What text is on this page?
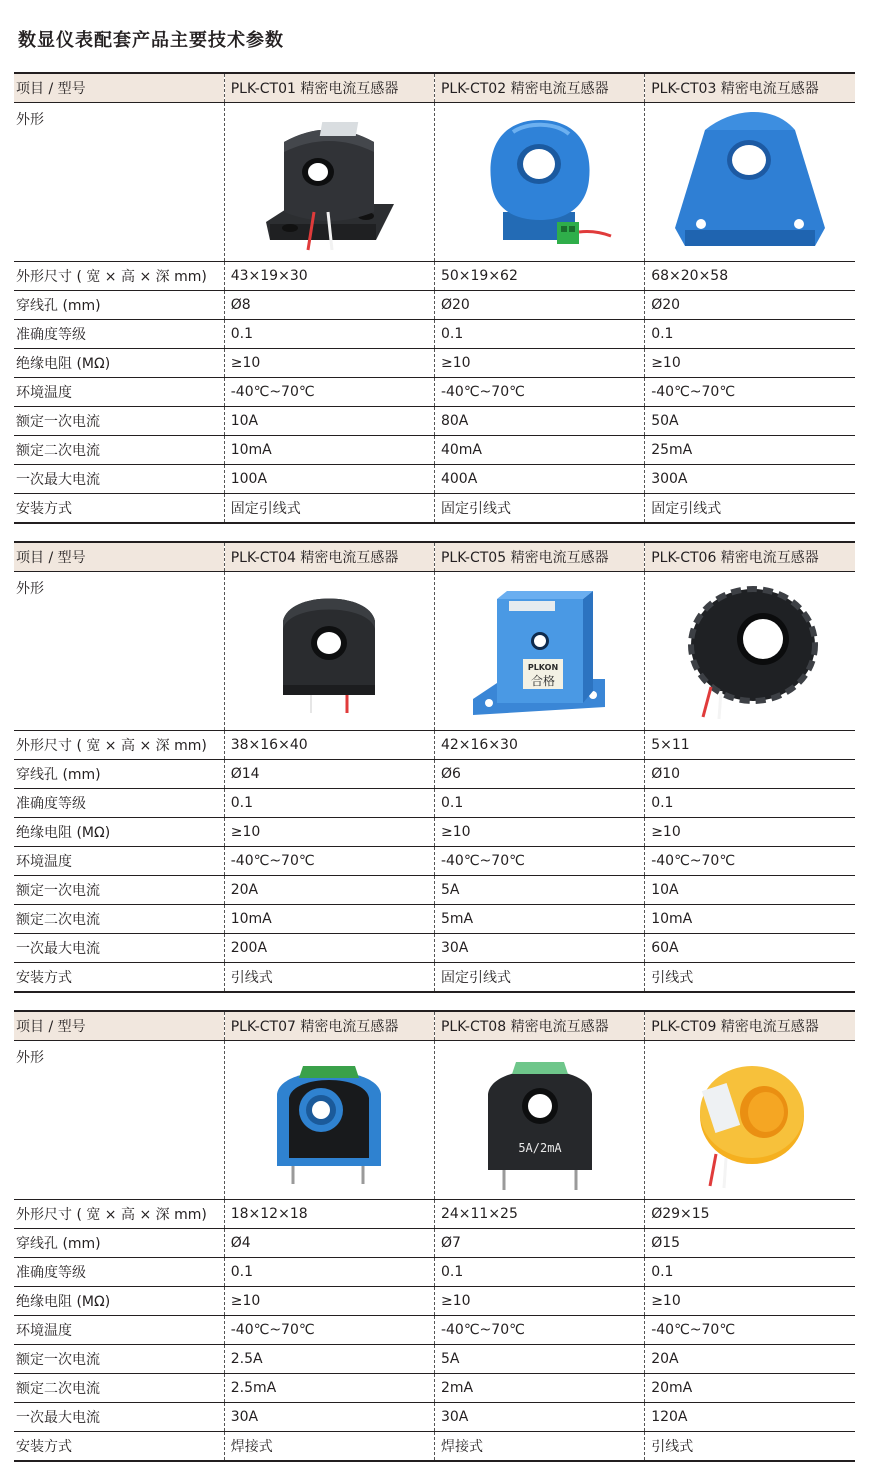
数显仪表配套产品主要技术参数
项目 / 型号	PLK-CT01 精密电流互感器	PLK-CT02 精密电流互感器	PLK-CT03 精密电流互感器
外形	

外形尺寸 ( 宽 × 高 × 深 mm)	43×19×30	50×19×62	68×20×58
穿线孔 (mm)	Ø8	Ø20	Ø20
准确度等级	0.1	0.1	0.1
绝缘电阻 (MΩ)	≥10	≥10	≥10
环境温度	-40℃~70℃	-40℃~70℃	-40℃~70℃
额定一次电流	10A	80A	50A
额定二次电流	10mA	40mA	25mA
一次最大电流	100A	400A	300A
安装方式	固定引线式	固定引线式	固定引线式
项目 / 型号	PLK-CT04 精密电流互感器	PLK-CT05 精密电流互感器	PLK-CT06 精密电流互感器
外形		PLKON
合格

外形尺寸 ( 宽 × 高 × 深 mm)	38×16×40	42×16×30	5×11
穿线孔 (mm)	Ø14	Ø6	Ø10
准确度等级	0.1	0.1	0.1
绝缘电阻 (MΩ)	≥10	≥10	≥10
环境温度	-40℃~70℃	-40℃~70℃	-40℃~70℃
额定一次电流	20A	5A	10A
额定二次电流	10mA	5mA	10mA
一次最大电流	200A	30A	60A
安装方式	引线式	固定引线式	引线式
项目 / 型号	PLK-CT07 精密电流互感器	PLK-CT08 精密电流互感器	PLK-CT09 精密电流互感器
外形		5A/2mA

外形尺寸 ( 宽 × 高 × 深 mm)	18×12×18	24×11×25	Ø29×15
穿线孔 (mm)	Ø4	Ø7	Ø15
准确度等级	0.1	0.1	0.1
绝缘电阻 (MΩ)	≥10	≥10	≥10
环境温度	-40℃~70℃	-40℃~70℃	-40℃~70℃
额定一次电流	2.5A	5A	20A
额定二次电流	2.5mA	2mA	20mA
一次最大电流	30A	30A	120A
安装方式	焊接式	焊接式	引线式
